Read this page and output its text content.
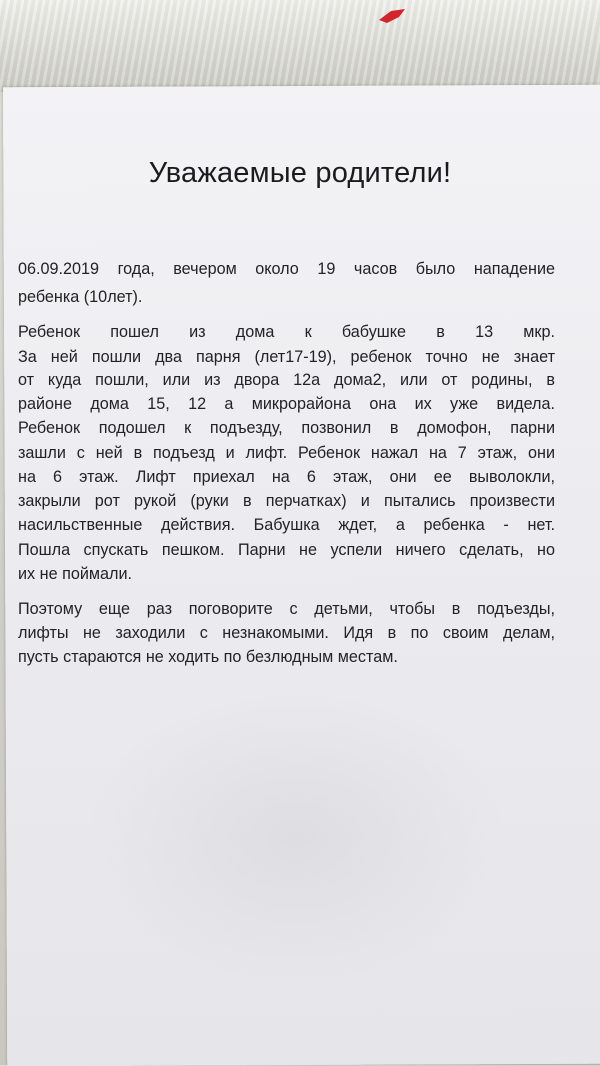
Уважаемые родители!
06.09.2019 года, вечером около 19 часов было нападение
ребенка (10лет).
Ребенок пошел из дома к бабушке в 13 мкр.
За ней пошли два парня (лет17-19), ребенок точно не знает
от куда пошли, или из двора 12а дома2, или от родины, в
районе дома 15, 12 а микрорайона она их уже видела.
Ребенок подошел к подъезду, позвонил в домофон, парни
зашли с ней в подъезд и лифт. Ребенок нажал на 7 этаж, они
на 6 этаж. Лифт приехал на 6 этаж, они ее выволокли,
закрыли рот рукой (руки в перчатках) и пытались произвести
насильственные действия. Бабушка ждет, а ребенка - нет.
Пошла спускать пешком. Парни не успели ничего сделать, но
их не поймали.
Поэтому еще раз поговорите с детьми, чтобы в подъезды,
лифты не заходили с незнакомыми. Идя в по своим делам,
пусть стараются не ходить по безлюдным местам.
